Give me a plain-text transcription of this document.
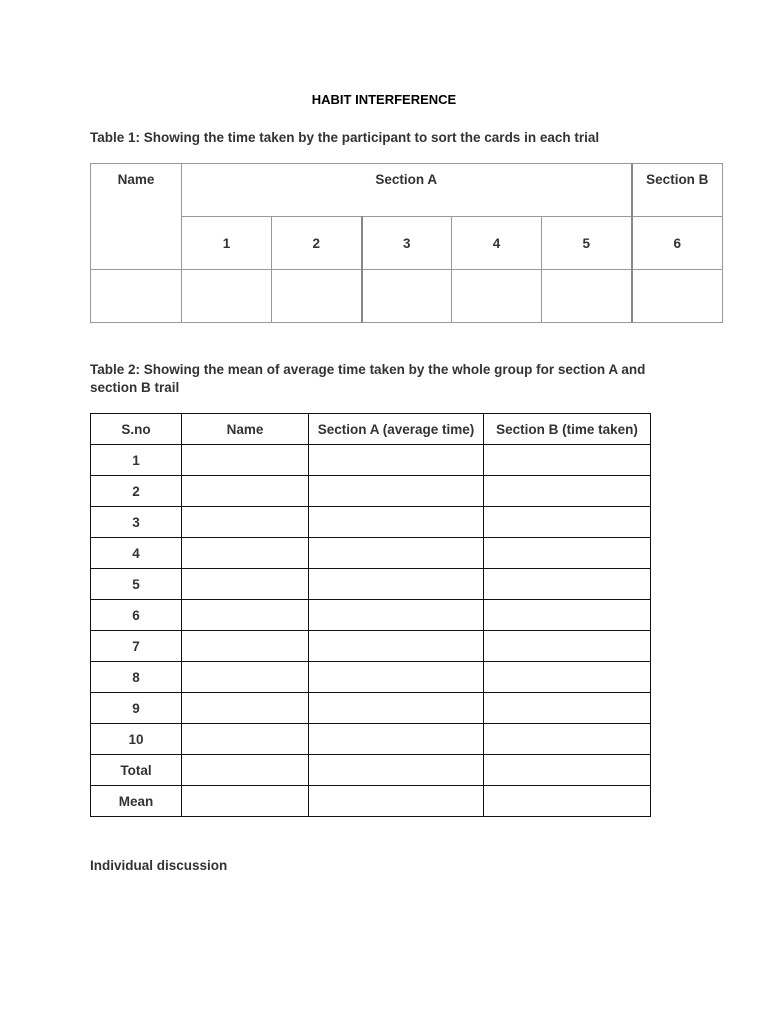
HABIT INTERFERENCE
Table 1: Showing the time taken by the participant to sort the cards in each trial
Name	Section A					Section B
	1	2	3	4	5	6

Table 2: Showing the mean of average time taken by the whole group for section A and section B trail
S.no	Name	Section A (average time)	Section B (time taken)
1			
2			
3			
4			
5			
6			
7			
8			
9			
10			
Total			
Mean			
Individual discussion
